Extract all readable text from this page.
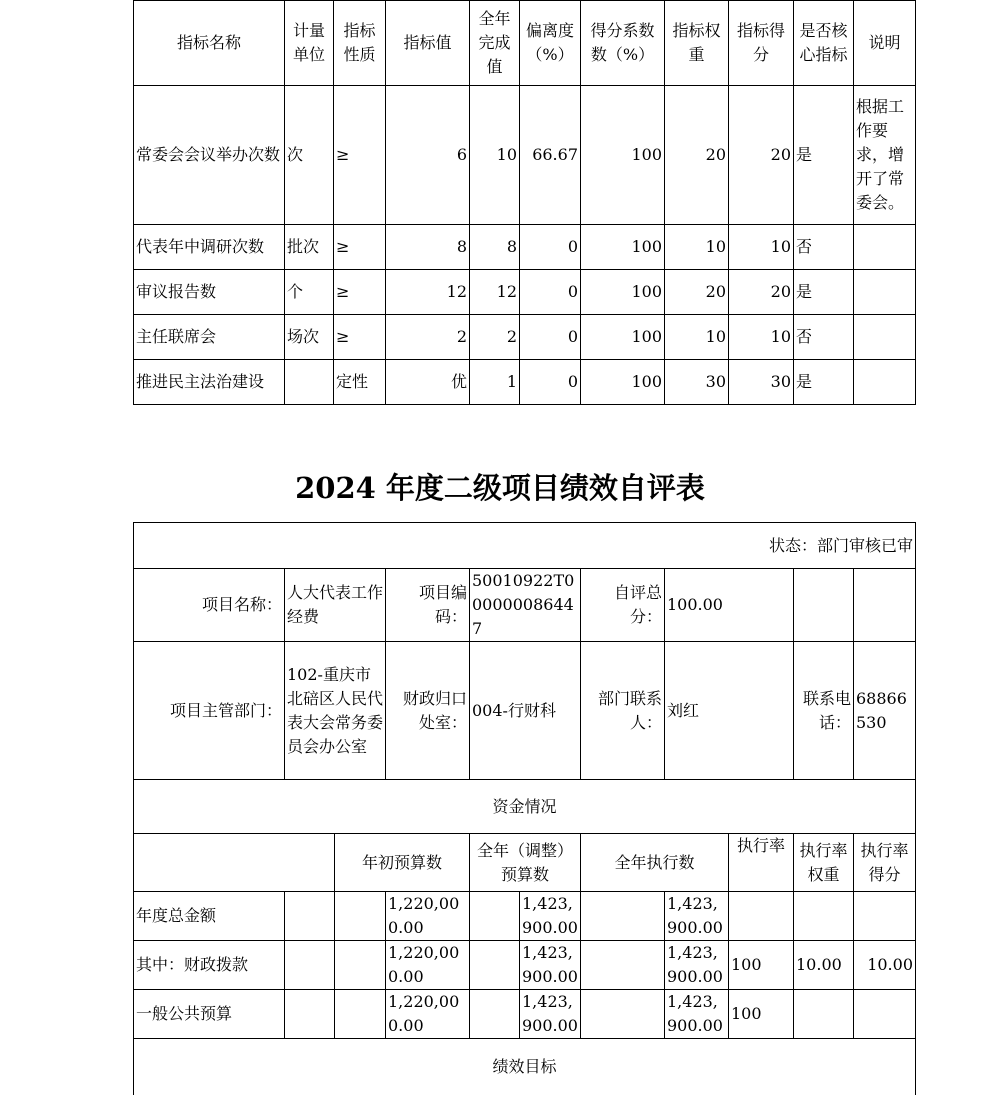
指标名称	计量单位	指标性质	指标值	全年完成值	偏离度（%）	得分系数数（%）	指标权重	指标得分	是否核心指标	说明
常委会会议举办次数	次	≥	6	10	66.67	100	20	20	是	根据工作要求，增开了常委会。
代表年中调研次数	批次	≥	8	8	0	100	10	10	否	
审议报告数	个	≥	12	12	0	100	20	20	是	
主任联席会	场次	≥	2	2	0	100	10	10	否	
推进民主法治建设		定性	优	1	0	100	30	30	是	
2024 年度二级项目绩效自评表
状态：部门审核已审										
项目名称：	人大代表工作经费		项目编码：	50010922T000000086447		自评总分：	100.00			
项目主管部门：	102-重庆市北碚区人民代表大会常务委员会办公室		财政归口处室：	004-行财科		部门联系人：	刘红		联系电话：	68866530
资金情况										
		年初预算数		全年（调整）预算数		全年执行数		执行率	执行率权重	执行率得分
年度总金额			1,220,000.00		1,423,900.00		1,423,900.00			
其中：财政拨款			1,220,000.00		1,423,900.00		1,423,900.00	100	10.00	10.00
一般公共预算			1,220,000.00		1,423,900.00		1,423,900.00	100		
绩效目标										
